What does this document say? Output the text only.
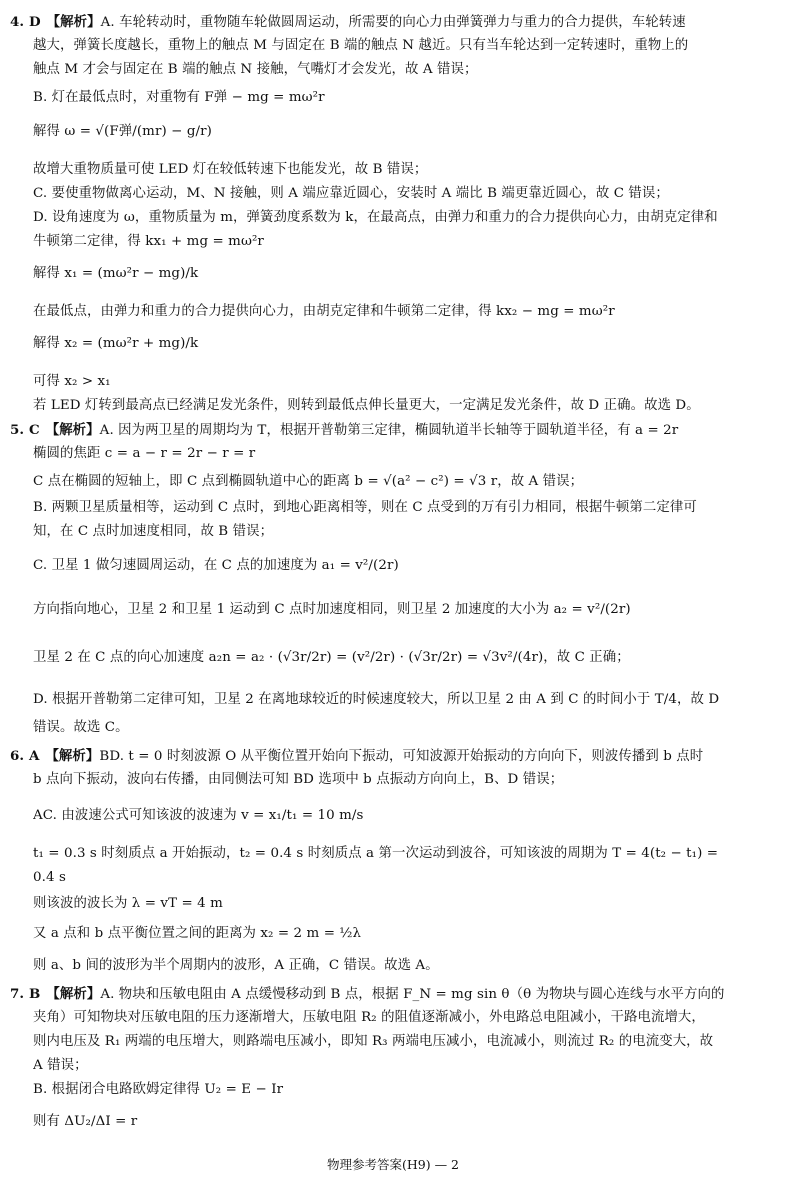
4. D 【解析】A. 车轮转动时，重物随车轮做圆周运动，所需要的向心力由弹簧弹力与重力的合力提供，车轮转速
越大，弹簧长度越长，重物上的触点 M 与固定在 B 端的触点 N 越近。只有当车轮达到一定转速时，重物上的
触点 M 才会与固定在 B 端的触点 N 接触，气嘴灯才会发光，故 A 错误；
B. 灯在最低点时，对重物有 F弹 − mg = mω²r
解得 ω = √(F弹/(mr) − g/r)
故增大重物质量可使 LED 灯在较低转速下也能发光，故 B 错误；
C. 要使重物做离心运动，M、N 接触，则 A 端应靠近圆心，安装时 A 端比 B 端更靠近圆心，故 C 错误；
D. 设角速度为 ω，重物质量为 m，弹簧劲度系数为 k，在最高点，由弹力和重力的合力提供向心力，由胡克定律和
牛顿第二定律，得 kx₁ + mg = mω²r
解得 x₁ = (mω²r − mg)/k
在最低点，由弹力和重力的合力提供向心力，由胡克定律和牛顿第二定律，得 kx₂ − mg = mω²r
解得 x₂ = (mω²r + mg)/k
可得 x₂ > x₁
若 LED 灯转到最高点已经满足发光条件，则转到最低点伸长量更大，一定满足发光条件，故 D 正确。故选 D。
5. C 【解析】A. 因为两卫星的周期均为 T，根据开普勒第三定律，椭圆轨道半长轴等于圆轨道半径，有 a = 2r
椭圆的焦距 c = a − r = 2r − r = r
C 点在椭圆的短轴上，即 C 点到椭圆轨道中心的距离 b = √(a² − c²) = √3 r，故 A 错误；
B. 两颗卫星质量相等，运动到 C 点时，到地心距离相等，则在 C 点受到的万有引力相同，根据牛顿第二定律可
知，在 C 点时加速度相同，故 B 错误；
C. 卫星 1 做匀速圆周运动，在 C 点的加速度为 a₁ = v²/(2r)
方向指向地心，卫星 2 和卫星 1 运动到 C 点时加速度相同，则卫星 2 加速度的大小为 a₂ = v²/(2r)
卫星 2 在 C 点的向心加速度 a₂n = a₂ · (√3r/2r) = (v²/2r) · (√3r/2r) = √3v²/(4r)，故 C 正确；
D. 根据开普勒第二定律可知，卫星 2 在离地球较近的时候速度较大，所以卫星 2 由 A 到 C 的时间小于 T/4，故 D
错误。故选 C。
6. A 【解析】BD. t = 0 时刻波源 O 从平衡位置开始向下振动，可知波源开始振动的方向向下，则波传播到 b 点时
b 点向下振动，波向右传播，由同侧法可知 BD 选项中 b 点振动方向向上，B、D 错误；
AC. 由波速公式可知该波的波速为 v = x₁/t₁ = 10 m/s
t₁ = 0.3 s 时刻质点 a 开始振动，t₂ = 0.4 s 时刻质点 a 第一次运动到波谷，可知该波的周期为 T = 4(t₂ − t₁) =
0.4 s
则该波的波长为 λ = vT = 4 m
又 a 点和 b 点平衡位置之间的距离为 x₂ = 2 m = ½λ
则 a、b 间的波形为半个周期内的波形，A 正确，C 错误。故选 A。
7. B 【解析】A. 物块和压敏电阻由 A 点缓慢移动到 B 点，根据 F_N = mg sin θ（θ 为物块与圆心连线与水平方向的
夹角）可知物块对压敏电阻的压力逐渐增大，压敏电阻 R₂ 的阻值逐渐减小，外电路总电阻减小，干路电流增大，
则内电压及 R₁ 两端的电压增大，则路端电压减小，即知 R₃ 两端电压减小，电流减小，则流过 R₂ 的电流变大，故
A 错误；
B. 根据闭合电路欧姆定律得 U₂ = E − Ir
则有 ΔU₂/ΔI = r
物理参考答案(H9) — 2
